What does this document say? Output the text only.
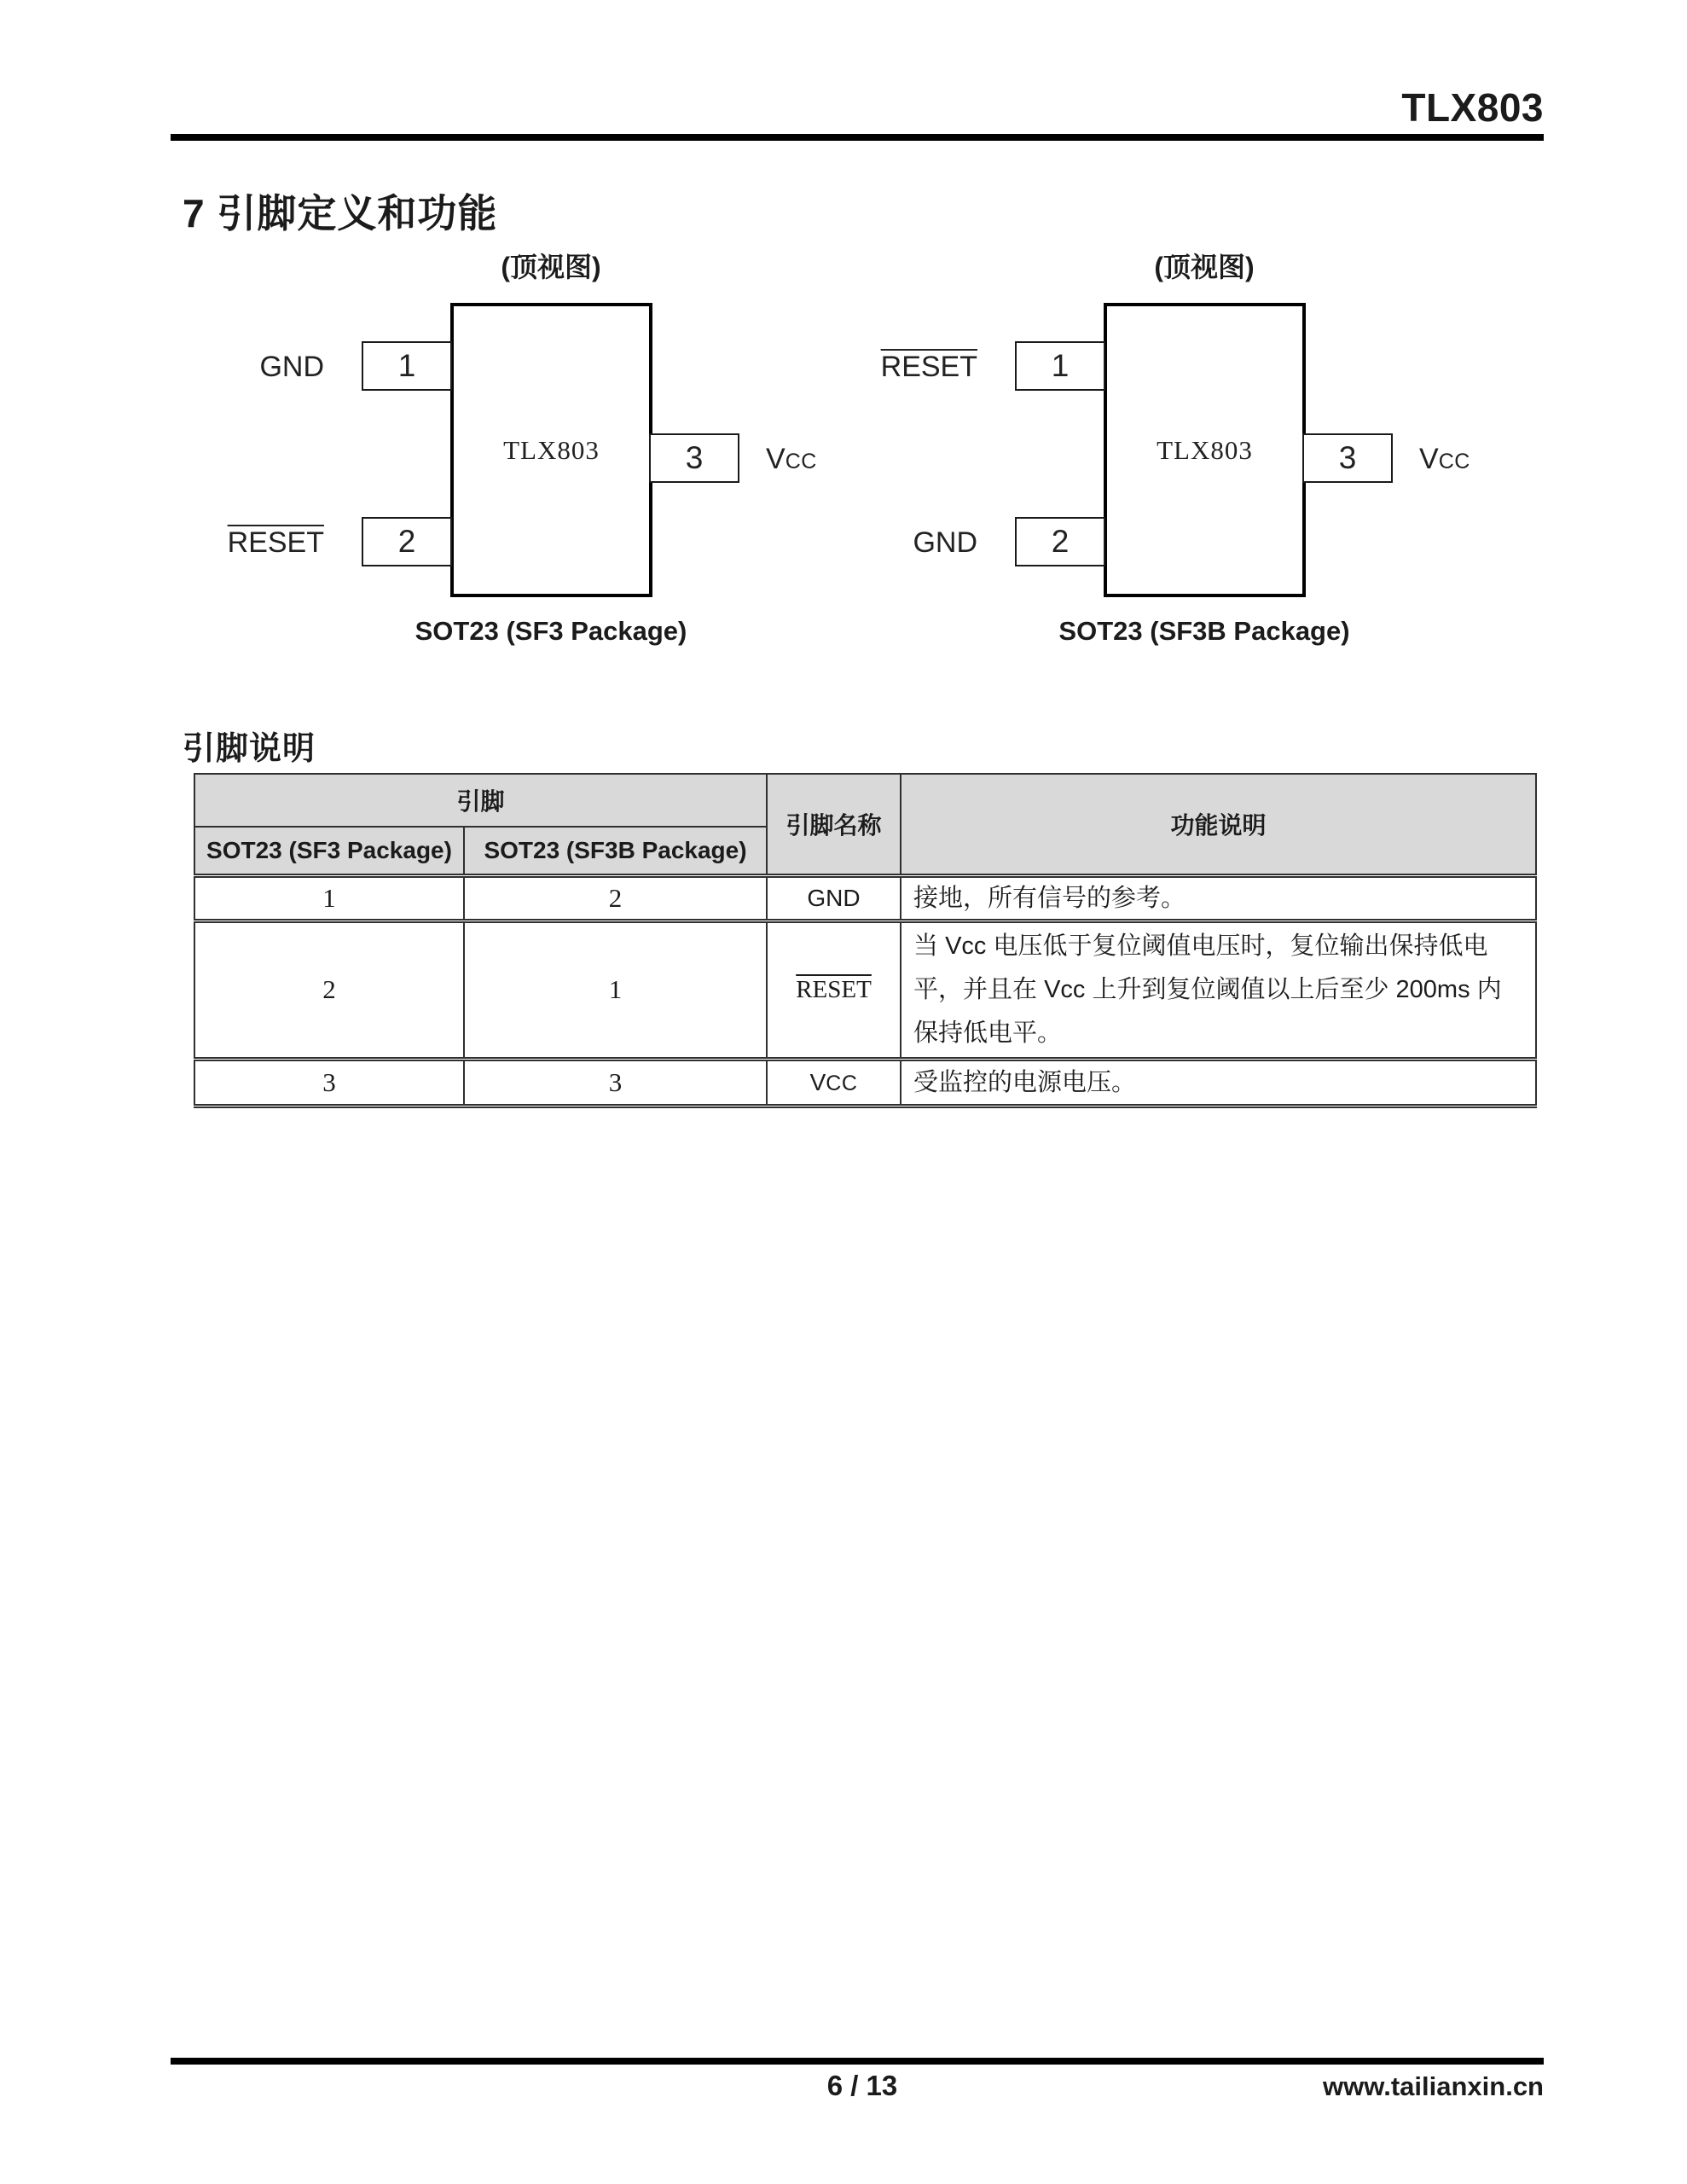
TLX803
7 引脚定义和功能
(顶视图)
TLX803
1
GND
2
RESET
3 VCC
SOT23 (SF3 Package)
(顶视图)
TLX803
1
RESET
2
GND
3 VCC
SOT23 (SF3B Package)
引脚说明
引脚		引脚名称	功能说明
SOT23 (SF3 Package)	SOT23 (SF3B Package)		
1	2	GND	接地，所有信号的参考。
2	1	RESET	当 Vcc 电压低于复位阈值电压时，复位输出保持低电平，并且在 Vcc 上升到复位阈值以上后至少 200ms 内保持低电平。
3	3	VCC	受监控的电源电压。
6 / 13	www.tailianxin.cn
